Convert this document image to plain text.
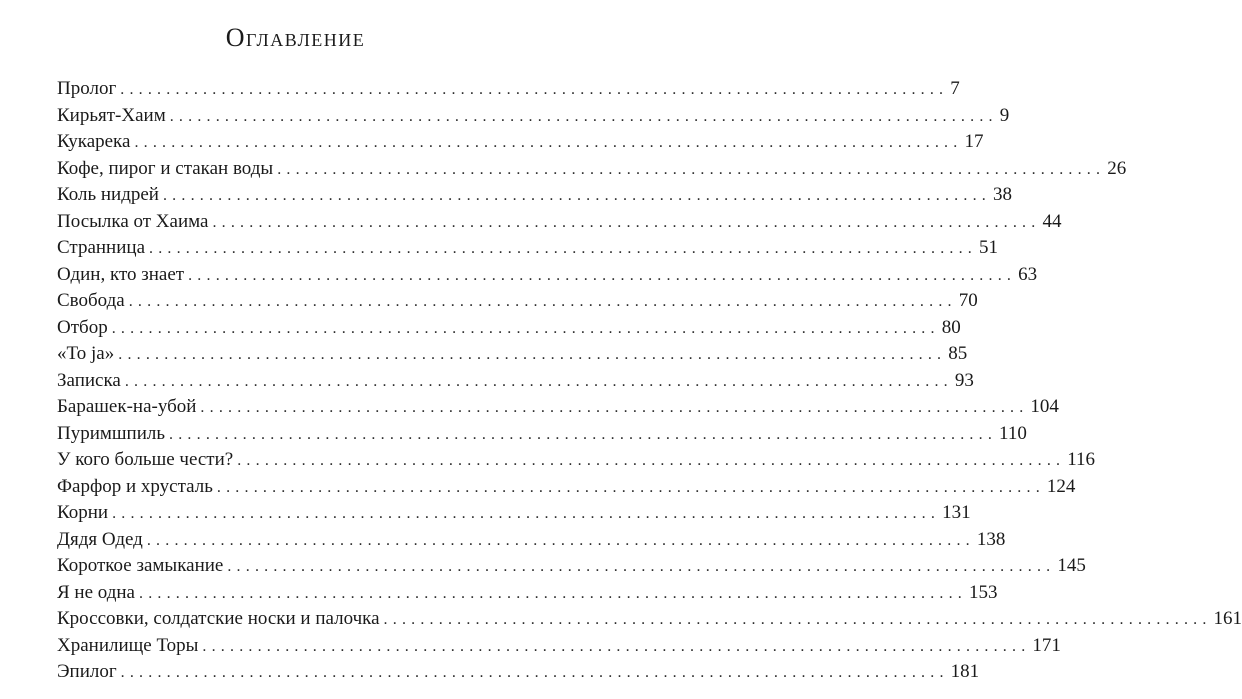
Оглавление
Пролог .......................................................................................... 7
Кирьят-Хаим .......................................................................................... 9
Кукарека .......................................................................................... 17
Кофе, пирог и стакан воды .......................................................................................... 26
Коль нидрей .......................................................................................... 38
Посылка от Хаима .......................................................................................... 44
Странница .......................................................................................... 51
Один, кто знает .......................................................................................... 63
Свобода .......................................................................................... 70
Отбор .......................................................................................... 80
«To ja» .......................................................................................... 85
Записка .......................................................................................... 93
Барашек-на-убой .......................................................................................... 104
Пуримшпиль .......................................................................................... 110
У кого больше чести? .......................................................................................... 116
Фарфор и хрусталь .......................................................................................... 124
Корни .......................................................................................... 131
Дядя Одед .......................................................................................... 138
Короткое замыкание .......................................................................................... 145
Я не одна .......................................................................................... 153
Кроссовки, солдатские носки и палочка .......................................................................................... 161
Хранилище Торы .......................................................................................... 171
Эпилог .......................................................................................... 181
